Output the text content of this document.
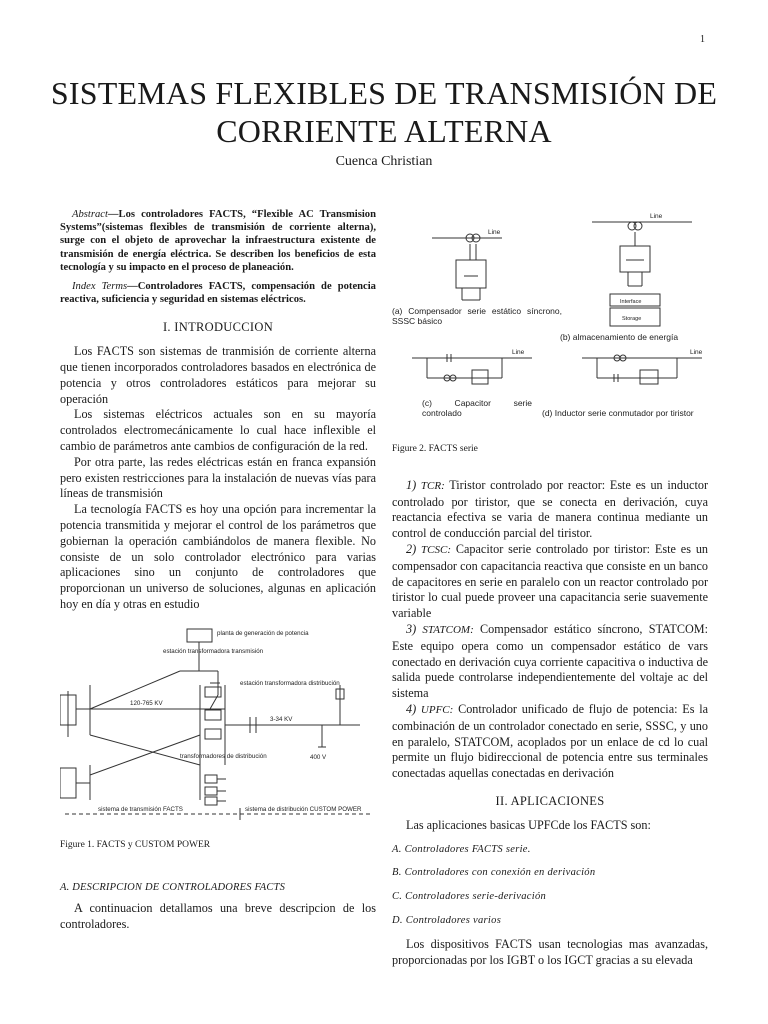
1
SISTEMAS FLEXIBLES DE TRANSMISIÓN DE CORRIENTE ALTERNA
Cuenca Christian

Abstract—Los controladores FACTS, “Flexible AC Transmision Systems”(sistemas flexibles de transmisión de corriente alterna), surge con el objeto de aprovechar la infraestructura existente de transmisión de energía eléctrica. Se describen los beneficios de esta tecnología y su impacto en el proceso de planeación.

Index Terms—Controladores FACTS, compensación de potencia reactiva, suficiencia y seguridad en sistemas eléctricos.

I. INTRODUCCION

Los FACTS son sistemas de tranmisión de corriente alterna que tienen incorporados controladores basados en electrónica de potencia y otros controladores estáticos para mejorar su operación

Los sistemas eléctricos actuales son en su mayoría controlados electromecánicamente lo cual hace inflexible el cambio de parámetros ante cambios de configuración de la red.

Por otra parte, las redes eléctricas están en franca expansión pero existen restricciones para la instalación de nuevas vías para líneas de transmisión

La tecnología FACTS es hoy una opción para incrementar la potencia transmitida y mejorar el control de los parámetros que gobiernan la operación cambiándolos de manera flexible. No consiste de un solo controlador electrónico para varias aplicaciones sino un conjunto de controladores que proporcionan un universo de soluciones, algunas en aplicación hoy en día y otras en estudio

planta de generación de potencia
estación transformadora transmisión
estación transformadora distribución
120-765 KV
3-34 KV
transformadores de distribución	400 V
sistema de transmisión FACTS	sistema de distribución CUSTOM POWER
Figure 1. FACTS y CUSTOM POWER
A. DESCRIPCION DE CONTROLADORES FACTS

A continuacion detallamos una breve descripcion de los controladores.

Line
Line
Line	Line
Interface
Storage
(a) Compensador serie estático síncrono, SSSC básico
(b) almacenamiento de energía
(c) Capacitor serie controlado	(d) Inductor serie conmutador por tiristor
Figure 2. FACTS serie

1) TCR: Tiristor controlado por reactor: Este es un inductor controlado por tiristor, que se conecta en derivación, cuya reactancia efectiva se varia de manera continua mediante un control de conducción parcial del tiristor.

2) TCSC: Capacitor serie controlado por tiristor: Este es un compensador con capacitancia reactiva que consiste en un banco de capacitores en serie en paralelo con un reactor controlado por tiristor lo cual puede proveer una capacitancia serie suavemente variable

3) STATCOM: Compensador estático síncrono, STATCOM: Este equipo opera como un compensador estático de vars conectado en derivación cuya corriente capacitiva o inductiva de salida puede controlarse independientemente del voltaje ac del sistema

4) UPFC: Controlador unificado de flujo de potencia: Es la combinación de un controlador conectado en serie, SSSC, y uno en paralelo, STATCOM, acoplados por un enlace de cd lo cual permite un flujo bidireccional de potencia entre sus terminales conectadas aquellas conectadas en derivación

II. APLICACIONES

Las aplicaciones basicas UPFCde los FACTS son:

A. Controladores FACTS serie.
B. Controladores con conexión en derivación
C. Controladores serie-derivación
D. Controladores varios

Los dispositivos FACTS usan tecnologias mas avanzadas, proporcionadas por los IGBT o los IGCT gracias a su elevada
